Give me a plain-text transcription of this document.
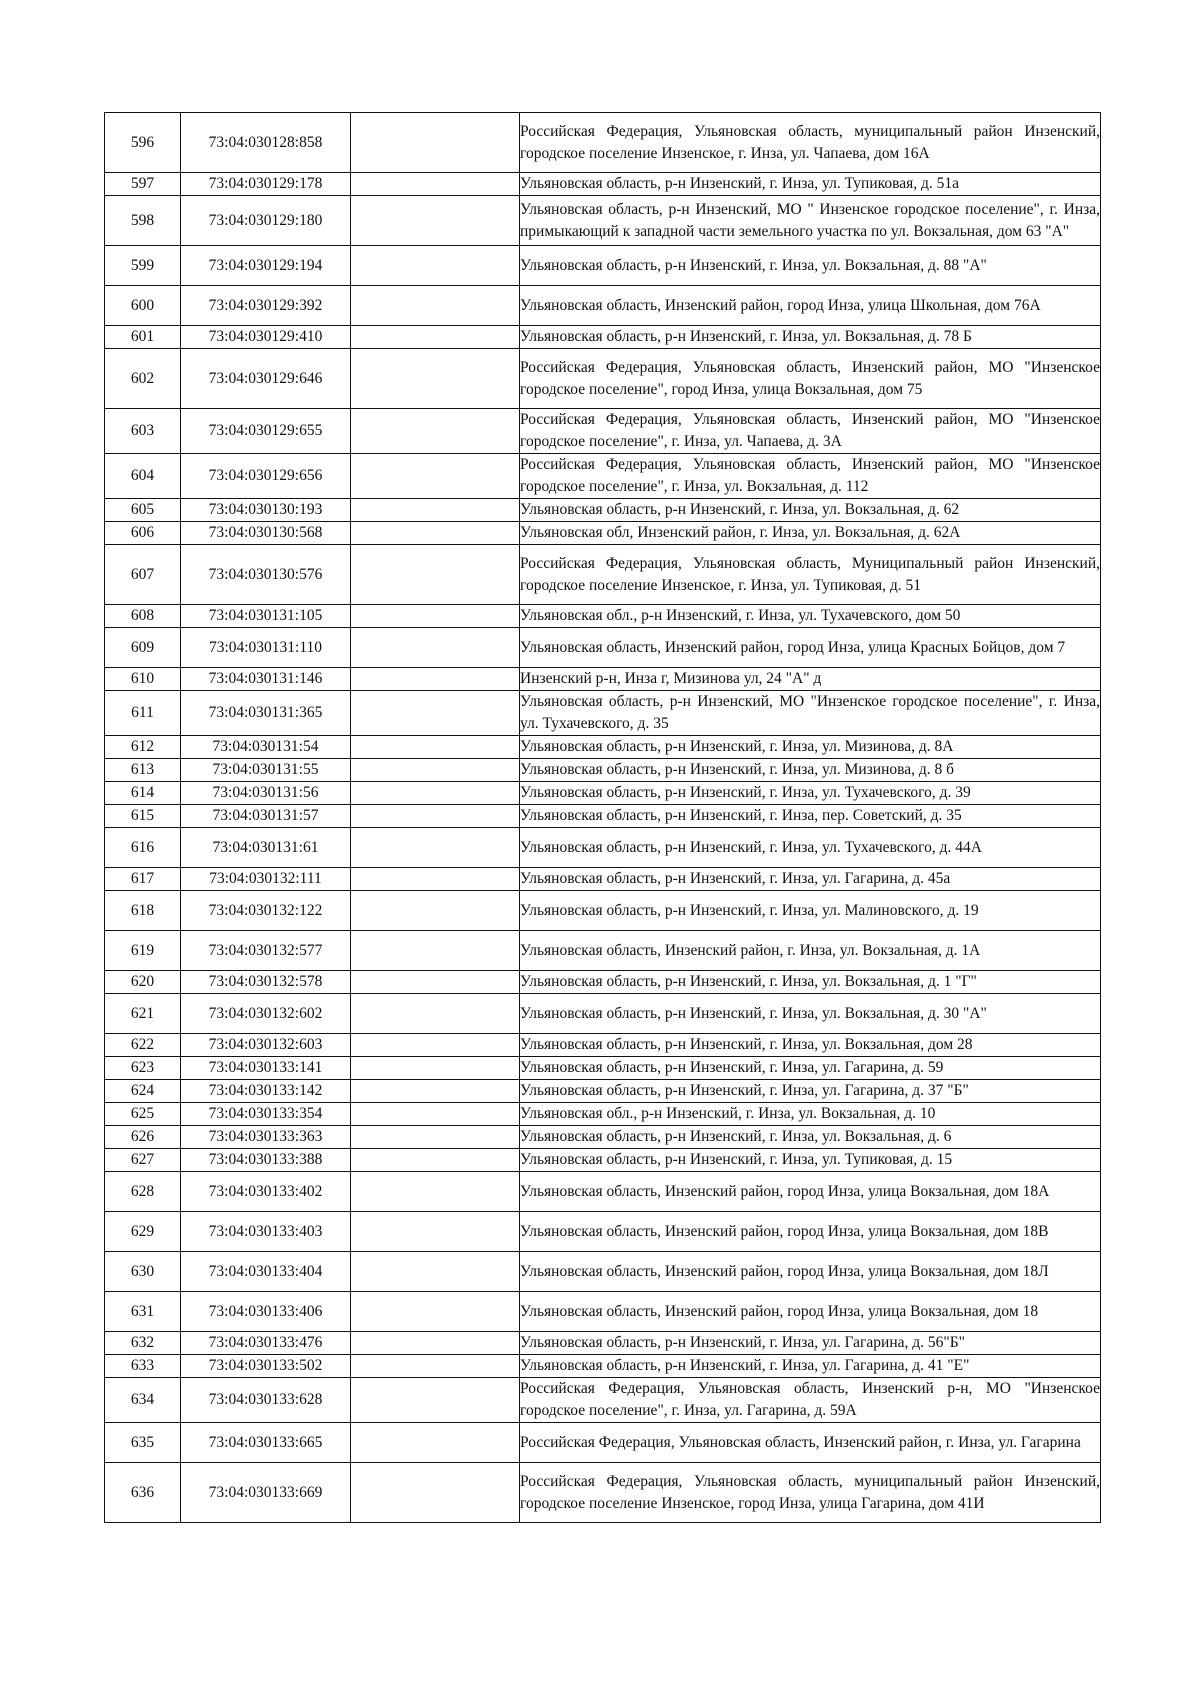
596	73:04:030128:858		Российская Федерация, Ульяновская область, муниципальный район Инзенский, городское поселение Инзенское, г. Инза, ул. Чапаева, дом 16А
597	73:04:030129:178		Ульяновская область, р-н Инзенский, г. Инза, ул. Тупиковая, д. 51а
598	73:04:030129:180		Ульяновская область, р-н Инзенский, МО " Инзенское городское поселение", г. Инза, примыкающий к западной части земельного участка по ул. Вокзальная, дом 63 "А"
599	73:04:030129:194		Ульяновская область, р-н Инзенский, г. Инза, ул. Вокзальная, д. 88 "А"
600	73:04:030129:392		Ульяновская область, Инзенский район, город Инза, улица Школьная, дом 76А
601	73:04:030129:410		Ульяновская область, р-н Инзенский, г. Инза, ул. Вокзальная, д. 78 Б
602	73:04:030129:646		Российская Федерация, Ульяновская область, Инзенский район, МО "Инзенское городское поселение", город Инза, улица Вокзальная, дом 75
603	73:04:030129:655		Российская Федерация, Ульяновская область, Инзенский район, МО "Инзенское городское поселение", г. Инза, ул. Чапаева, д. 3А
604	73:04:030129:656		Российская Федерация, Ульяновская область, Инзенский район, МО "Инзенское городское поселение", г. Инза, ул. Вокзальная, д. 112
605	73:04:030130:193		Ульяновская область, р-н Инзенский, г. Инза, ул. Вокзальная, д. 62
606	73:04:030130:568		Ульяновская обл, Инзенский район, г. Инза, ул. Вокзальная, д. 62А
607	73:04:030130:576		Российская Федерация, Ульяновская область, Муниципальный район Инзенский, городское поселение Инзенское, г. Инза, ул. Тупиковая, д. 51
608	73:04:030131:105		Ульяновская обл., р-н Инзенский, г. Инза, ул. Тухачевского, дом 50
609	73:04:030131:110		Ульяновская область, Инзенский район, город Инза, улица Красных Бойцов, дом 7
610	73:04:030131:146		Инзенский р-н, Инза г, Мизинова ул, 24 "А" д
611	73:04:030131:365		Ульяновская область, р-н Инзенский, МО "Инзенское городское поселение", г. Инза, ул. Тухачевского, д. 35
612	73:04:030131:54		Ульяновская область, р-н Инзенский, г. Инза, ул. Мизинова, д. 8А
613	73:04:030131:55		Ульяновская область, р-н Инзенский, г. Инза, ул. Мизинова, д. 8 б
614	73:04:030131:56		Ульяновская область, р-н Инзенский, г. Инза, ул. Тухачевского, д. 39
615	73:04:030131:57		Ульяновская область, р-н Инзенский, г. Инза, пер. Советский, д. 35
616	73:04:030131:61		Ульяновская область, р-н Инзенский, г. Инза, ул. Тухачевского, д. 44А
617	73:04:030132:111		Ульяновская область, р-н Инзенский, г. Инза, ул. Гагарина, д. 45а
618	73:04:030132:122		Ульяновская область, р-н Инзенский, г. Инза, ул. Малиновского, д. 19
619	73:04:030132:577		Ульяновская область, Инзенский район, г. Инза, ул. Вокзальная, д. 1А
620	73:04:030132:578		Ульяновская область, р-н Инзенский, г. Инза, ул. Вокзальная, д. 1 "Г"
621	73:04:030132:602		Ульяновская область, р-н Инзенский, г. Инза, ул. Вокзальная, д. 30 "А"
622	73:04:030132:603		Ульяновская область, р-н Инзенский, г. Инза, ул. Вокзальная, дом 28
623	73:04:030133:141		Ульяновская область, р-н Инзенский, г. Инза, ул. Гагарина, д. 59
624	73:04:030133:142		Ульяновская область, р-н Инзенский, г. Инза, ул. Гагарина, д. 37 "Б"
625	73:04:030133:354		Ульяновская обл., р-н Инзенский, г. Инза, ул. Вокзальная, д. 10
626	73:04:030133:363		Ульяновская область, р-н Инзенский, г. Инза, ул. Вокзальная, д. 6
627	73:04:030133:388		Ульяновская область, р-н Инзенский, г. Инза, ул. Тупиковая, д. 15
628	73:04:030133:402		Ульяновская область, Инзенский район, город Инза, улица Вокзальная, дом 18А
629	73:04:030133:403		Ульяновская область, Инзенский район, город Инза, улица Вокзальная, дом 18В
630	73:04:030133:404		Ульяновская область, Инзенский район, город Инза, улица Вокзальная, дом 18Л
631	73:04:030133:406		Ульяновская область, Инзенский район, город Инза, улица Вокзальная, дом 18
632	73:04:030133:476		Ульяновская область, р-н Инзенский, г. Инза, ул. Гагарина, д. 56"Б"
633	73:04:030133:502		Ульяновская область, р-н Инзенский, г. Инза, ул. Гагарина, д. 41 "Е"
634	73:04:030133:628		Российская Федерация, Ульяновская область, Инзенский р-н, МО "Инзенское городское поселение", г. Инза, ул. Гагарина, д. 59А
635	73:04:030133:665		Российская Федерация, Ульяновская область, Инзенский район, г. Инза, ул. Гагарина
636	73:04:030133:669		Российская Федерация, Ульяновская область, муниципальный район Инзенский, городское поселение Инзенское, город Инза, улица Гагарина, дом 41И
